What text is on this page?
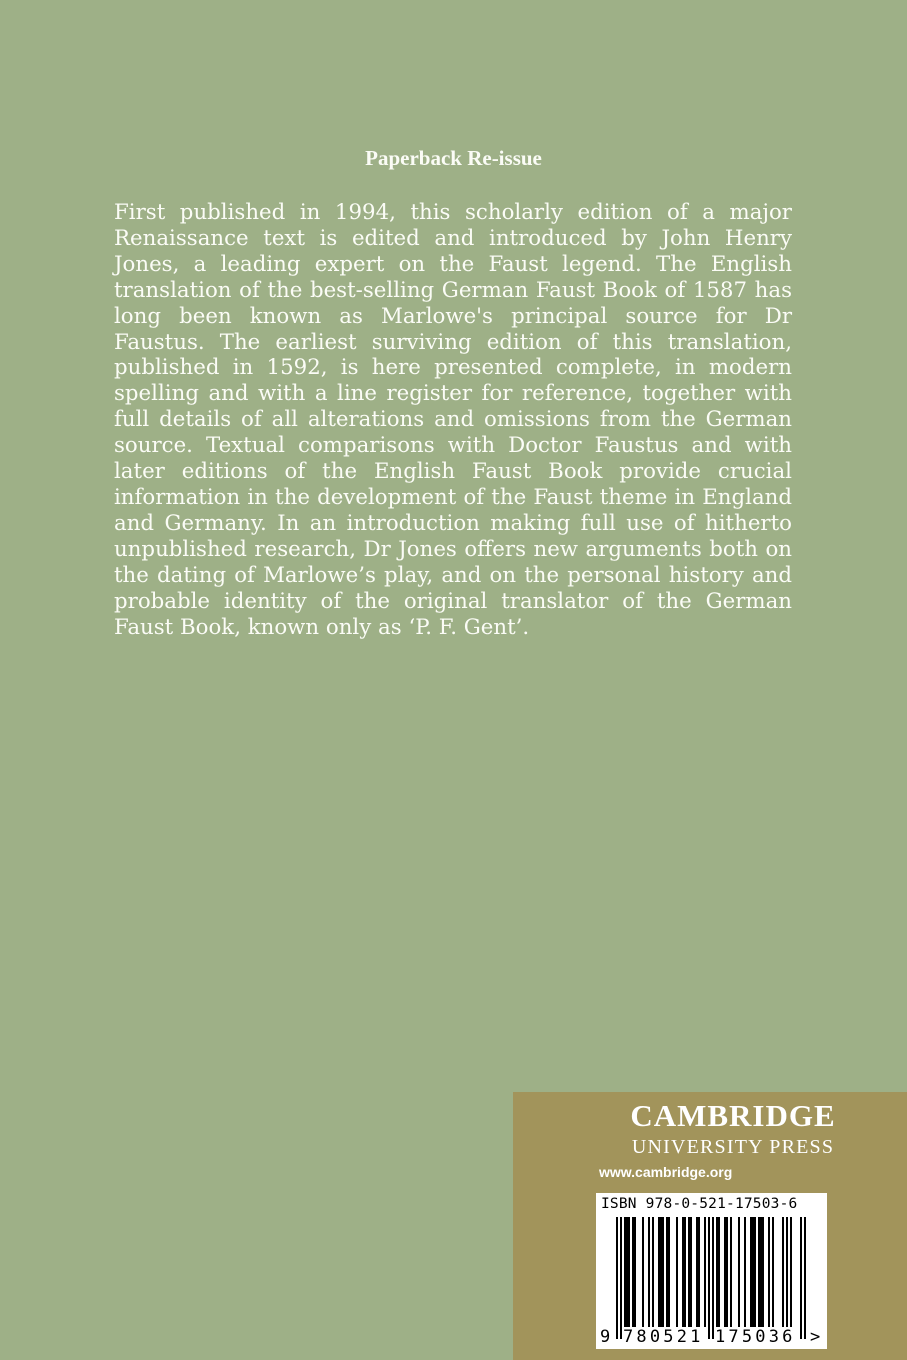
Paperback Re-issue

First published in 1994, this scholarly edition of a major Renaissance text is edited and introduced by John Henry Jones, a leading expert on the Faust legend. The English translation of the best-selling German Faust Book of 1587 has long been known as Marlowe's principal source for Dr Faustus. The earliest surviving edition of this translation, published in 1592, is here presented complete, in modern spelling and with a line register for reference, together with full details of all alterations and omissions from the German source. Textual comparisons with Doctor Faustus and with later editions of the English Faust Book provide crucial information in the development of the Faust theme in England and Germany. In an introduction making full use of hitherto unpublished research, Dr Jones offers new arguments both on the dating of Marlowe’s play, and on the personal history and probable identity of the original translator of the German Faust Book, known only as ‘P. F. Gent’.

CAMBRIDGE
UNIVERSITY PRESS
www.cambridge.org
ISBN 978-0-521-17503-6
9 780521 175036 >
